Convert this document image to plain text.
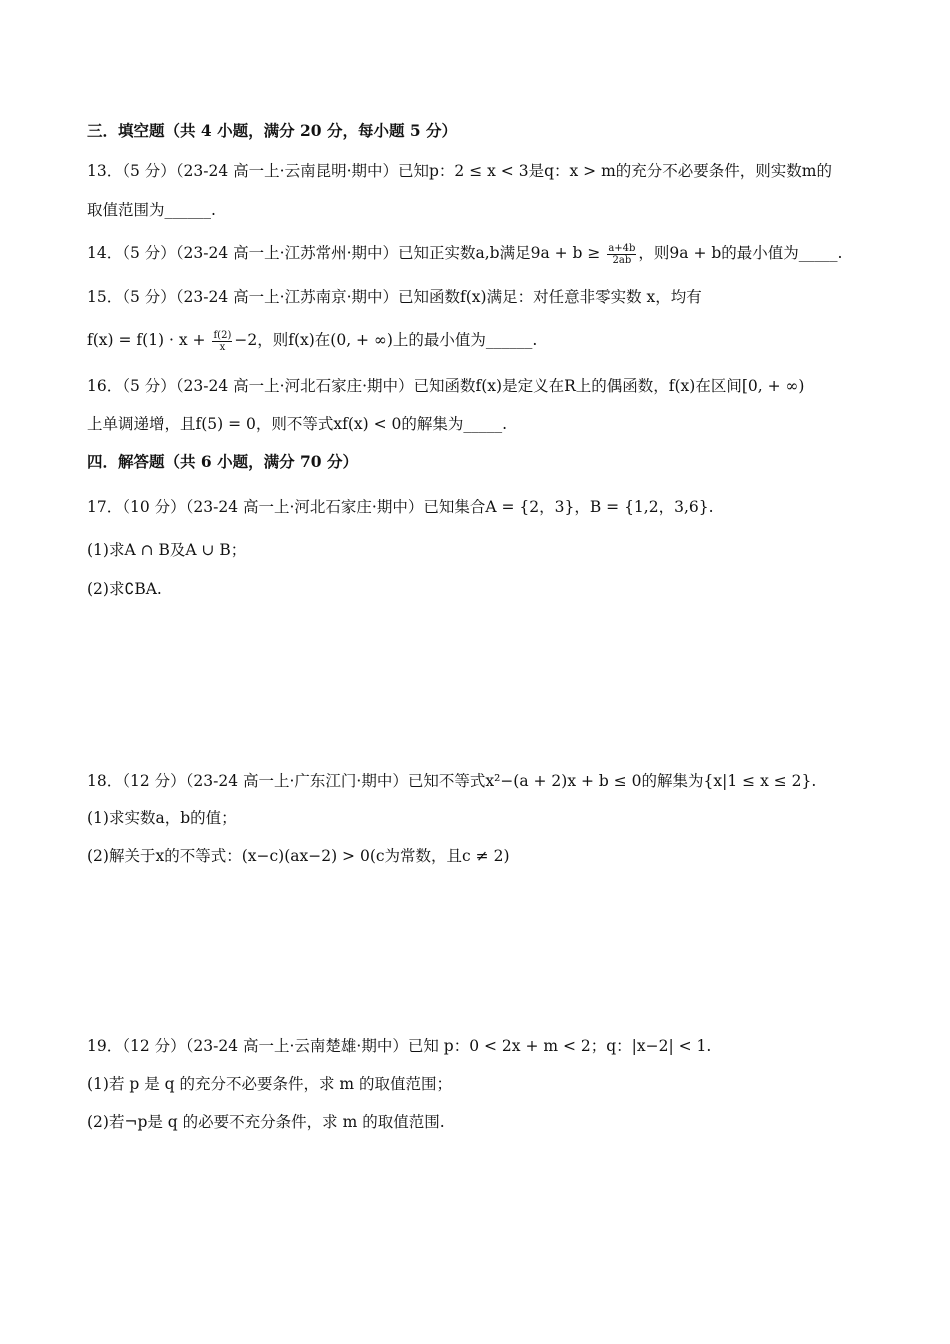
三．填空题（共 4 小题，满分 20 分，每小题 5 分）
13．（5 分）（23-24 高一上·云南昆明·期中）已知p：2 ≤ x < 3是q：x > m的充分不必要条件，则实数m的
取值范围为______.
14．（5 分）（23-24 高一上·江苏常州·期中）已知正实数a,b满足$9a + b \ge \frac{a+4b}{2ab}$ ，则9a + b的最小值为_____.
15．（5 分）（23-24 高一上·江苏南京·期中）已知函数f(x)满足：对任意非零实数 x，均有
$f(x) = f(1) \cdot x + \frac{f(2)}{x} -2$，则f(x)在(0, + ∞)上的最小值为______.
16．（5 分）（23-24 高一上·河北石家庄·期中）已知函数f(x)是定义在R上的偶函数，f(x)在区间[0, + ∞)
上单调递增，且f(5) = 0，则不等式xf(x) < 0的解集为_____.
四．解答题（共 6 小题，满分 70 分）
17．（10 分）（23-24 高一上·河北石家庄·期中）已知集合A = {2，3}，B = {1,2，3,6}.
(1)求A ∩ B及A ∪ B；
(2)求∁BA.
18．（12 分）（23-24 高一上·广东江门·期中）已知不等式x²−(a + 2)x + b ≤ 0的解集为{x|1 ≤ x ≤ 2}.
(1)求实数a，b的值；
(2)解关于x的不等式：(x−c)(ax−2) > 0(c为常数，且c ≠ 2)
19．（12 分）（23-24 高一上·云南楚雄·期中）已知 p：0 < 2x + m < 2；q：|x−2| < 1.
(1)若 p 是 q 的充分不必要条件，求 m 的取值范围；
(2)若¬p是 q 的必要不充分条件，求 m 的取值范围.
